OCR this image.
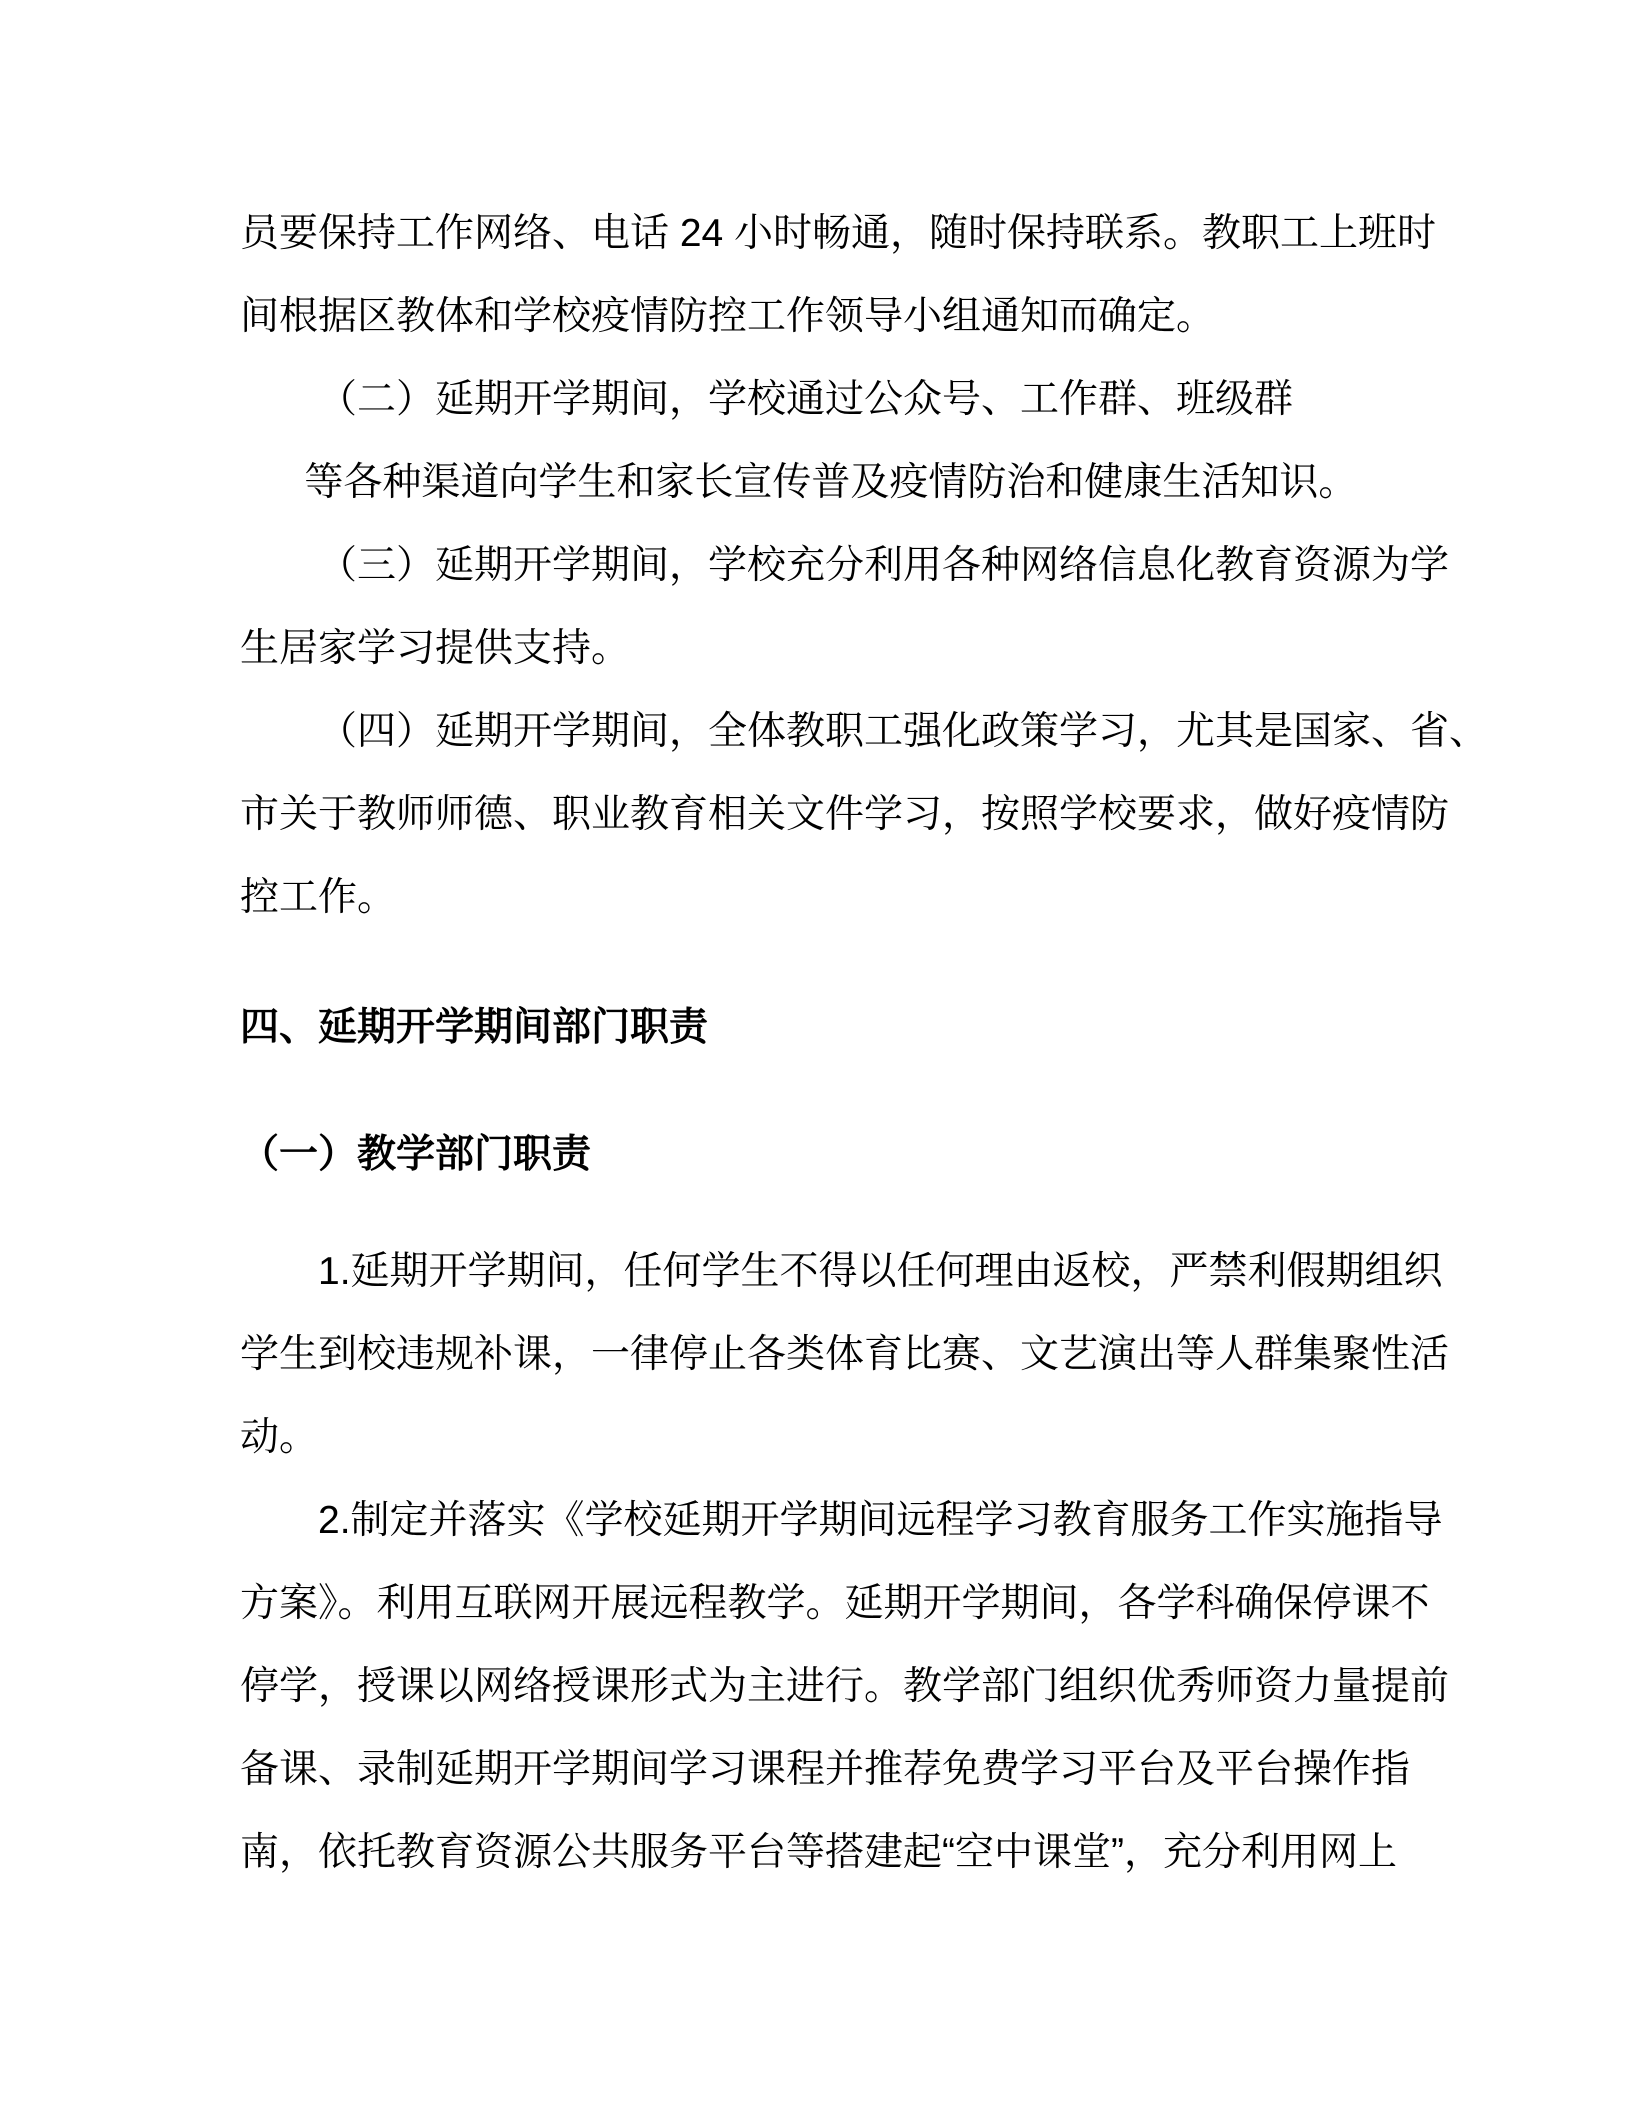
员要保持工作网络、电话 24 小时畅通，随时保持联系。教职工上班时

间根据区教体和学校疫情防控工作领导小组通知而确定。

（二）延期开学期间，学校通过公众号、工作群、班级群

等各种渠道向学生和家长宣传普及疫情防治和健康生活知识。

（三）延期开学期间，学校充分利用各种网络信息化教育资源为学

生居家学习提供支持。

（四）延期开学期间，全体教职工强化政策学习，尤其是国家、省、

市关于教师师德、职业教育相关文件学习，按照学校要求，做好疫情防

控工作。

四、延期开学期间部门职责

（一）教学部门职责

1.延期开学期间，任何学生不得以任何理由返校，严禁利假期组织

学生到校违规补课，一律停止各类体育比赛、文艺演出等人群集聚性活

动。

2.制定并落实《学校延期开学期间远程学习教育服务工作实施指导

方案》。利用互联网开展远程教学。延期开学期间，各学科确保停课不

停学，授课以网络授课形式为主进行。教学部门组织优秀师资力量提前

备课、录制延期开学期间学习课程并推荐免费学习平台及平台操作指

南，依托教育资源公共服务平台等搭建起“空中课堂”，充分利用网上
